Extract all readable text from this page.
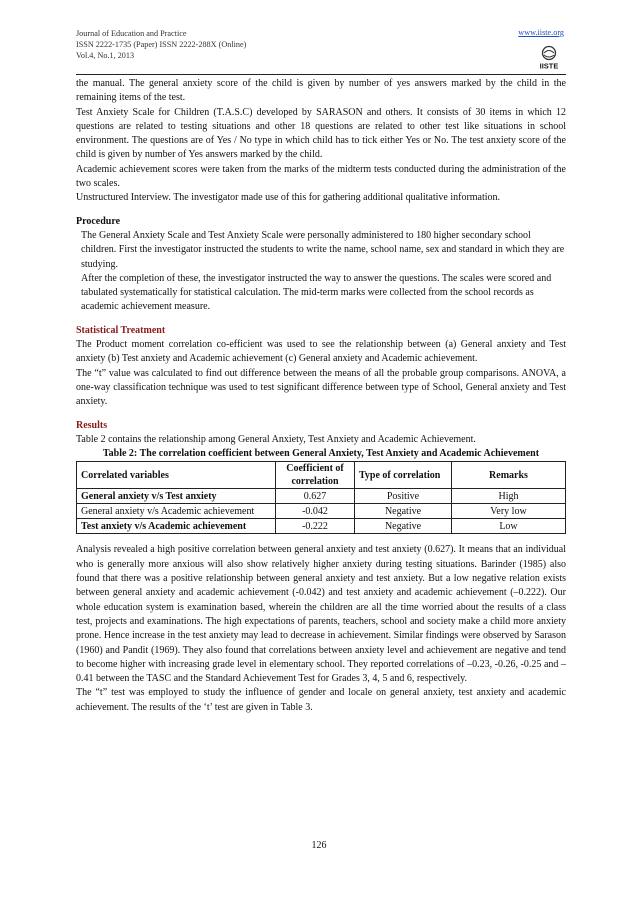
Journal of Education and Practice
ISSN 2222-1735 (Paper) ISSN 2222-288X (Online)
Vol.4, No.1, 2013
www.iiste.org
IISTE

the manual. The general anxiety score of the child is given by number of yes answers marked by the child in the remaining items of the test.

Test Anxiety Scale for Children (T.A.S.C) developed by SARASON and others. It consists of 30 items in which 12 questions are related to testing situations and other 18 questions are related to other test like situations in school environment. The questions are of Yes / No type in which child has to tick either Yes or No. The test anxiety score of the child is given by number of Yes answers marked by the child.

Academic achievement scores were taken from the marks of the midterm tests conducted during the administration of the two scales.

Unstructured Interview. The investigator made use of this for gathering additional qualitative information.

Procedure

The General Anxiety Scale and Test Anxiety Scale were personally administered to 180 higher secondary school children. First the investigator instructed the students to write the name, school name, sex and standard in which they are studying.

After the completion of these, the investigator instructed the way to answer the questions. The scales were scored and tabulated systematically for statistical calculation. The mid-term marks were collected from the school records as academic achievement measure.

Statistical Treatment

The Product moment correlation co-efficient was used to see the relationship between (a) General anxiety and Test anxiety (b) Test anxiety and Academic achievement (c) General anxiety and Academic achievement.

The “t” value was calculated to find out difference between the means of all the probable group comparisons. ANOVA, a one-way classification technique was used to test significant difference between type of School, General anxiety and Test anxiety.

Results

Table 2 contains the relationship among General Anxiety, Test Anxiety and Academic Achievement.

Table 2: The correlation coefficient between General Anxiety, Test Anxiety and Academic Achievement

Correlated variables	Coefficient of correlation	Type of correlation	Remarks
General anxiety v/s Test anxiety	0.627	Positive	High
General anxiety v/s Academic achievement	-0.042	Negative	Very low
Test anxiety v/s Academic achievement	-0.222	Negative	Low

Analysis revealed a high positive correlation between general anxiety and test anxiety (0.627). It means that an individual who is generally more anxious will also show relatively higher anxiety during testing situations. Barinder (1985) also found that there was a positive relationship between general anxiety and test anxiety. But a low negative relation exists between general anxiety and academic achievement (-0.042) and test anxiety and academic achievement (–0.222). Our whole education system is examination based, wherein the children are all the time worried about the results of a class test, projects and examinations. The high expectations of parents, teachers, school and society make a child more anxiety prone. Hence increase in the test anxiety may lead to decrease in achievement. Similar findings were observed by Sarason (1960) and Pandit (1969). They also found that correlations between anxiety level and achievement are negative and tend to become higher with increasing grade level in elementary school. They reported correlations of –0.23, -0.26, -0.25 and –0.41 between the TASC and the Standard Achievement Test for Grades 3, 4, 5 and 6, respectively.

The “t” test was employed to study the influence of gender and locale on general anxiety, test anxiety and academic achievement. The results of the ‘t’ test are given in Table 3.

126
